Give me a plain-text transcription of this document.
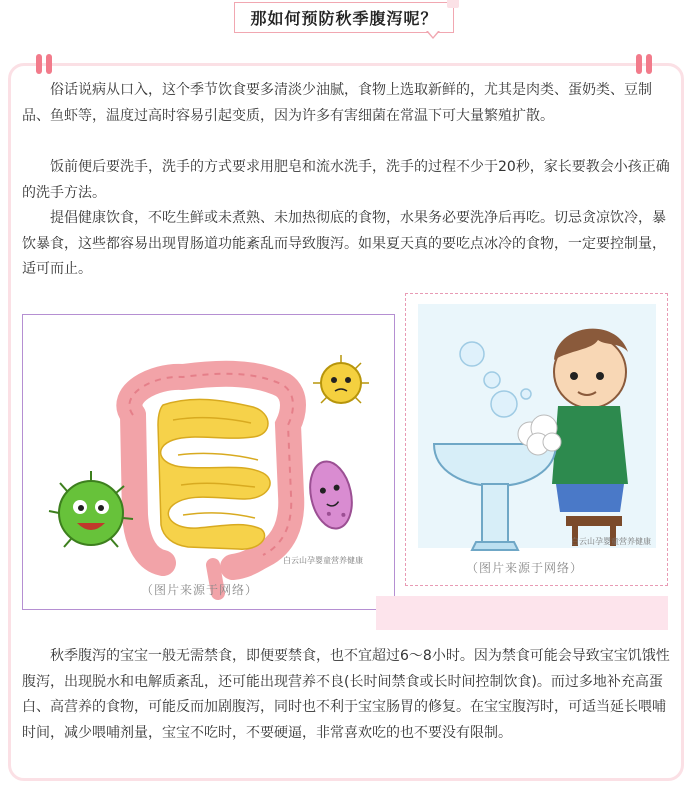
那如何预防秋季腹泻呢？

俗话说病从口入，这个季节饮食要多清淡少油腻，食物上选取新鲜的，尤其是肉类、蛋奶类、豆制品、鱼虾等，温度过高时容易引起变质，因为许多有害细菌在常温下可大量繁殖扩散。

饭前便后要洗手，洗手的方式要求用肥皂和流水洗手，洗手的过程不少于20秒，家长要教会小孩正确的洗手方法。

提倡健康饮食，不吃生鲜或未煮熟、未加热彻底的食物，水果务必要洗净后再吃。切忌贪凉饮冷，暴饮暴食，这些都容易出现胃肠道功能紊乱而导致腹泻。如果夏天真的要吃点冰冷的食物，一定要控制量，适可而止。

白云山孕婴童营养健康
（图片来源于网络）
白云山孕婴童营养健康
（图片来源于网络）

秋季腹泻的宝宝一般无需禁食，即便要禁食，也不宜超过6～8小时。因为禁食可能会导致宝宝饥饿性腹泻，出现脱水和电解质紊乱，还可能出现营养不良(长时间禁食或长时间控制饮食)。而过多地补充高蛋白、高营养的食物，可能反而加剧腹泻，同时也不利于宝宝肠胃的修复。在宝宝腹泻时，可适当延长喂哺时间，减少喂哺剂量，宝宝不吃时，不要硬逼，非常喜欢吃的也不要没有限制。
